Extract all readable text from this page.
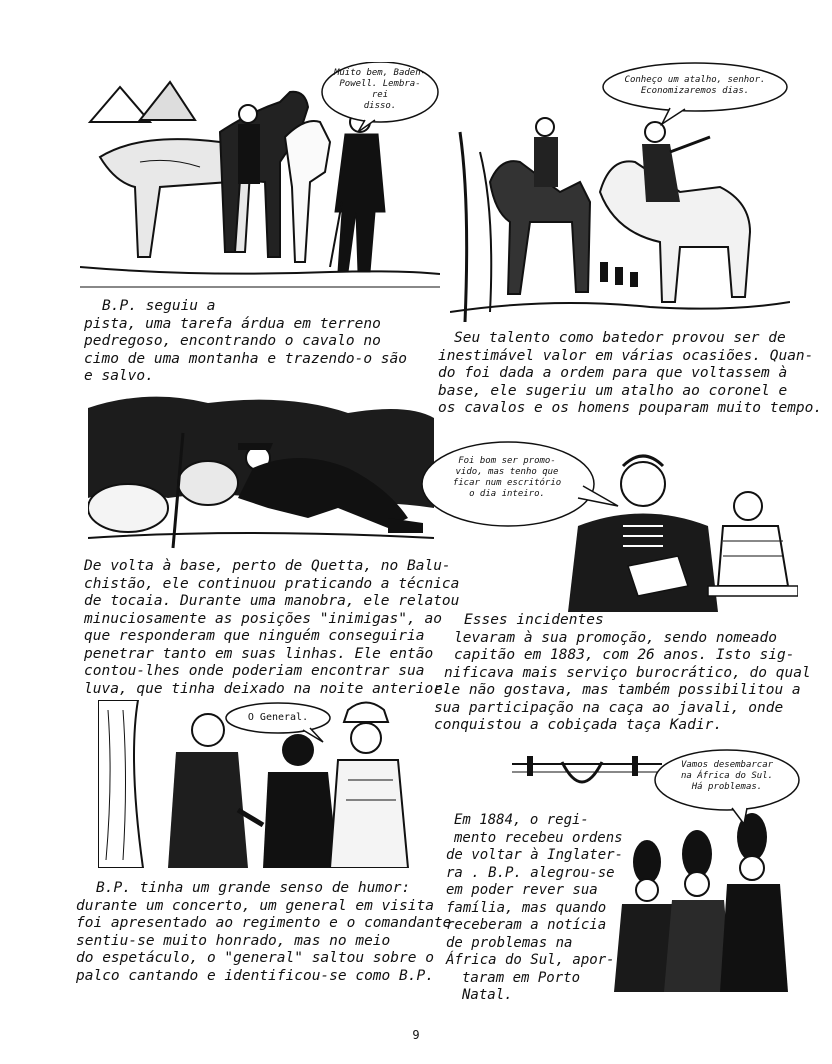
Muito bem, Baden-
Powell. Lembra-
rei
disso.

B.P. seguiu a
pista, uma tarefa árdua em terreno
pedregoso, encontrando o cavalo no
cimo de uma montanha e trazendo-o são
e salvo.

Conheço um atalho, senhor.
Economizaremos dias.

Seu talento como batedor provou ser de
inestimável valor em várias ocasiões. Quan-
do foi dada a ordem para que voltassem à
base, ele sugeriu um atalho ao coronel e
os cavalos e os homens pouparam muito tempo.

De volta à base, perto de Quetta, no Balu-
chistão, ele continuou praticando a técnica
de tocaia. Durante uma manobra, ele relatou
minuciosamente as posições "inimigas", ao
que responderam que ninguém conseguiria
penetrar tanto em suas linhas. Ele então
contou-lhes onde poderiam encontrar sua
luva, que tinha deixado na noite anterior.

Foi bom ser promo-
vido, mas tenho que
ficar num escritório
o dia inteiro.

Esses incidentes
levaram à sua promoção, sendo nomeado
capitão em 1883, com 26 anos. Isto sig-
nificava mais serviço burocrático, do qual
ele não gostava, mas também possibilitou a
sua participação na caça ao javali, onde
conquistou a cobiçada taça Kadir.

O General.

B.P. tinha um grande senso de humor:
durante um concerto, um general em visita
foi apresentado ao regimento e o comandante
sentiu-se muito honrado, mas no meio
do espetáculo, o "general" saltou sobre o
palco cantando e identificou-se como B.P.

Vamos desembarcar
na África do Sul.
Há problemas.

Em 1884, o regi-
mento recebeu ordens
de voltar à Inglater-
ra . B.P. alegrou-se
em poder rever sua
família, mas quando
receberam a notícia
de problemas na
África do Sul, apor-
taram em Porto
Natal.

9
